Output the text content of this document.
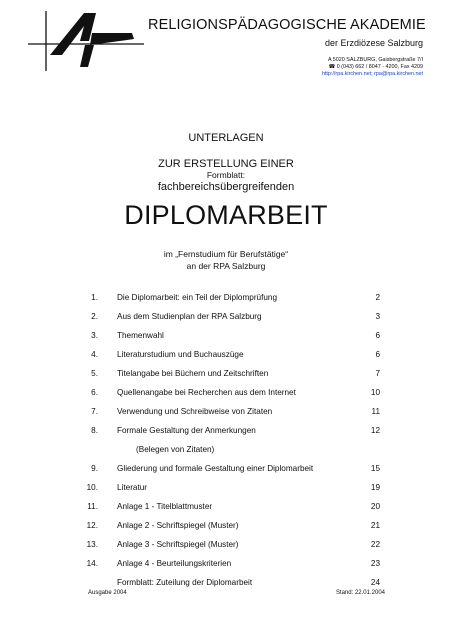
RELIGIONSPÄDAGOGISCHE AKADEMIE
der Erzdiözese Salzburg
A 5020 SALZBURG, Gaisbergstraße 7/I
☎ 0 (043) 662 / 8047 - 4200, Fax 4209
http://rpa.kirchen.net; rpa@rpa.kirchen.net
UNTERLAGEN
ZUR ERSTELLUNG EINER
Formblatt:
fachbereichsübergreifenden
DIPLOMARBEIT
im „Fernstudium für Berufstätige“
an der RPA Salzburg
1. Die Diplomarbeit: ein Teil der Diplomprüfung	2
2. Aus dem Studienplan der RPA Salzburg	3
3. Themenwahl	6
4. Literaturstudium und Buchauszüge	6
5. Titelangabe bei Büchern und Zeitschriften	7
6. Quellenangabe bei Recherchen aus dem Internet	10
7. Verwendung und Schreibweise von Zitaten	11
8. Formale Gestaltung der Anmerkungen	12
(Belegen von Zitaten)
9. Gliederung und formale Gestaltung einer Diplomarbeit	15
10. Literatur	19
11. Anlage 1 - Titelblattmuster	20
12. Anlage 2 - Schriftspiegel (Muster)	21
13. Anlage 3 - Schriftspiegel (Muster)	22
14. Anlage 4 - Beurteilungskriterien	23
Formblatt: Zuteilung der Diplomarbeit	24
Ausgabe 2004	Stand: 22.01.2004
